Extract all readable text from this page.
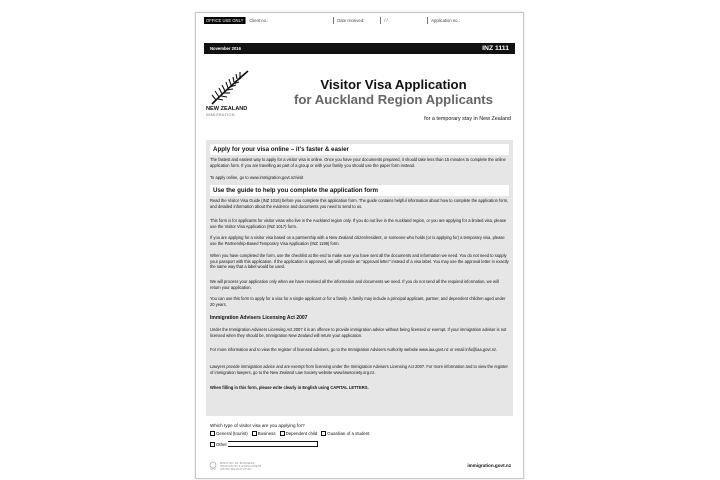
OFFICE USE ONLY	Client no.:	Date received:	/ /	Application no.:
November 2016	INZ 1111
NEW ZEALAND
IMMIGRATION
Visitor Visa Application
for Auckland Region Applicants
for a temporary stay in New Zealand
Apply for your visa online – it's faster & easier
The fastest and easiest way to apply for a visitor visa is online. Once you have your documents prepared, it should take less than 15 minutes to complete the online application form. If you are travelling as part of a group or with your family you should use the paper form instead.
To apply online, go to www.immigration.govt.nz/visit
Use the guide to help you complete the application form
Read the Visitor Visa Guide (INZ 1016) before you complete this application form. The guide contains helpful information about how to complete the application form, and detailed information about the evidence and documents you need to send to us.
This form is for applicants for visitor visas who live in the Auckland region only. If you do not live in the Auckland region, or you are applying for a limited visa, please use the Visitor Visa Application (INZ 1017) form.
If you are applying for a visitor visa based on a partnership with a New Zealand citizen/resident, or someone who holds (or is applying for) a temporary visa, please use the Partnership-Based Temporary Visa Application (INZ 1198) form.
When you have completed the form, use the checklist at the end to make sure you have sent all the documents and information we need. You do not need to supply your passport with this application. If the application is approved, we will provide an "approval letter" instead of a visa label. You may use the approval letter in exactly the same way that a label would be used.
We will process your application only when we have received all the information and documents we need. If you do not send all the required information, we will return your application.
You can use this form to apply for a visa for a single applicant or for a family. A family may include a principal applicant, partner, and dependent children aged under 20 years.
Immigration Advisers Licensing Act 2007
Under the Immigration Advisers Licensing Act 2007 it is an offence to provide immigration advice without being licensed or exempt. If your immigration adviser is not licensed when they should be, Immigration New Zealand will return your application.
For more information and to view the register of licensed advisers, go to the Immigration Advisers Authority website www.iaa.govt.nz or email info@iaa.govt.nz.
Lawyers provide immigration advice and are exempt from licensing under the Immigration Advisers Licensing Act 2007. For more information and to view the register of immigration lawyers, go to the New Zealand Law Society website www.lawsociety.org.nz.
When filling in this form, please write clearly in English using CAPITAL LETTERS.
Which type of visitor visa are you applying for?
General (tourist) Business Dependent child Guardian of a student
Other
MINISTRY OF BUSINESS,
INNOVATION & EMPLOYMENT
HĪKINA WHAKATUTUKI
immigration.govt.nz
